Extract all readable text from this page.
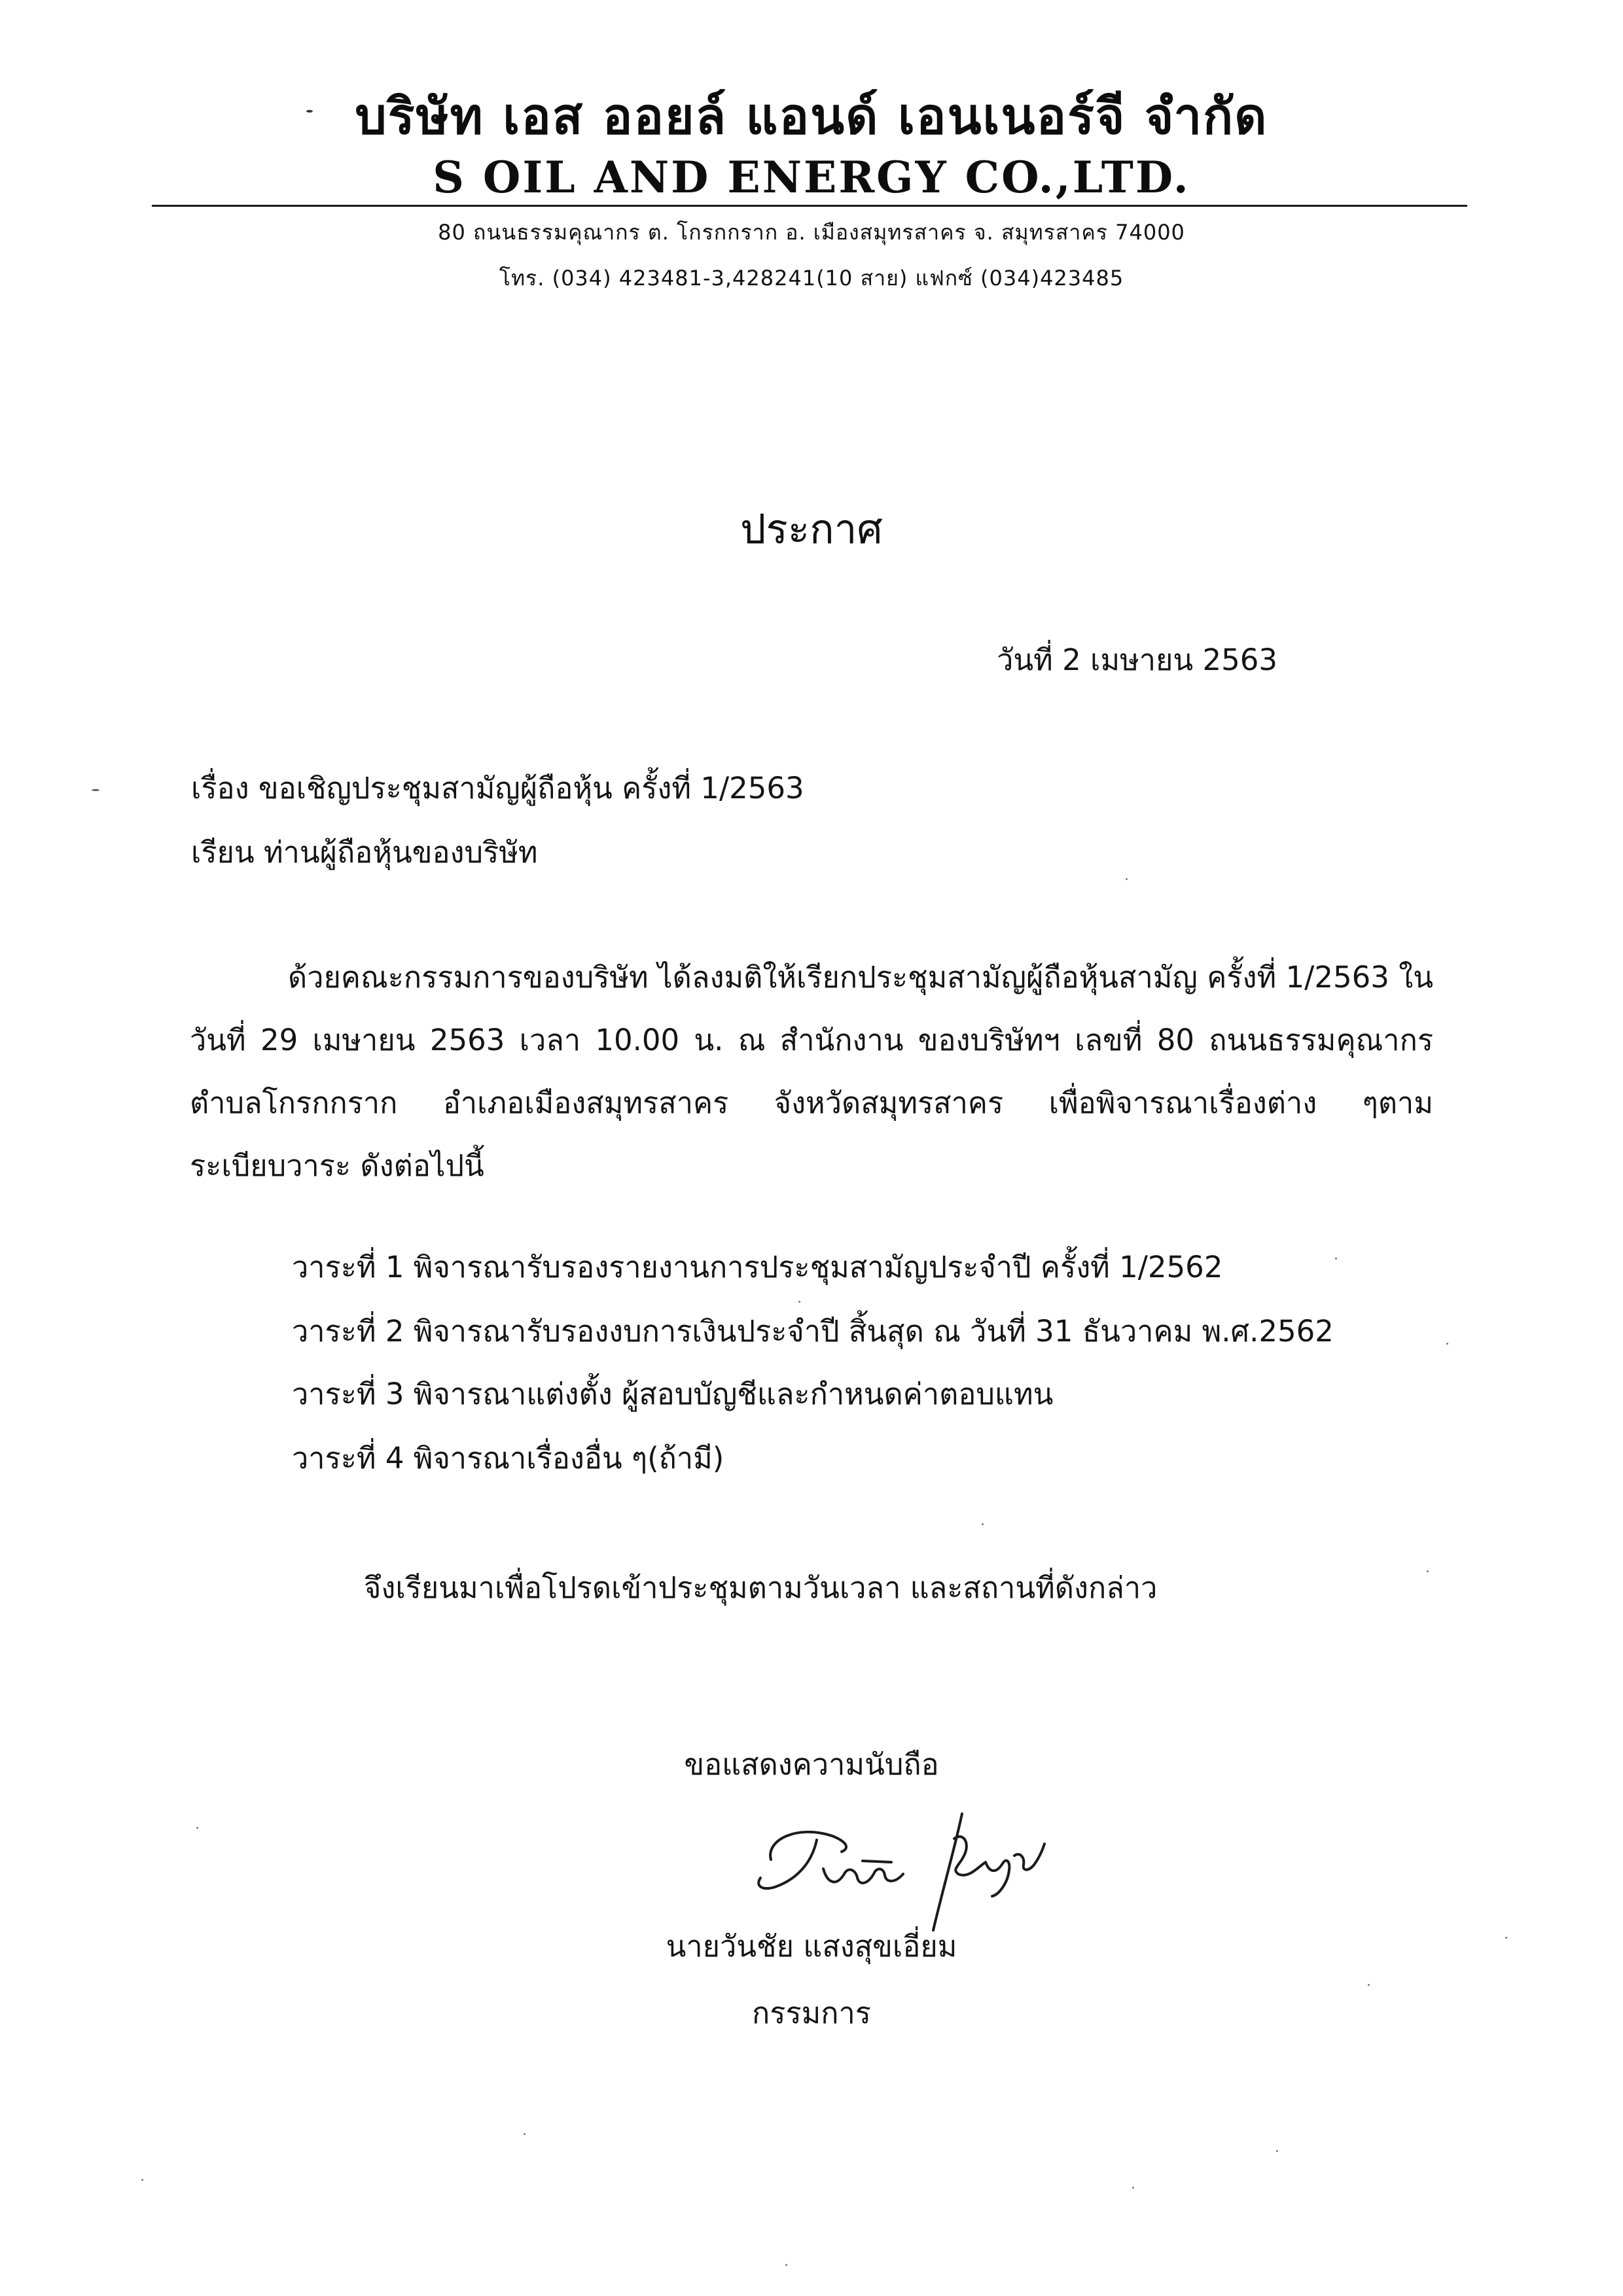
บริษัท เอส ออยล์ แอนด์ เอนเนอร์จี จำกัด
S OIL AND ENERGY CO.,LTD.
80 ถนนธรรมคุณากร ต. โกรกกราก อ. เมืองสมุทรสาคร จ. สมุทรสาคร 74000
โทร. (034) 423481-3,428241(10 สาย) แฟกซ์ (034)423485
ประกาศ
วันที่ 2 เมษายน 2563
เรื่อง ขอเชิญประชุมสามัญผู้ถือหุ้น ครั้งที่ 1/2563
เรียน ท่านผู้ถือหุ้นของบริษัท
ด้วยคณะกรรมการของบริษัท ได้ลงมติให้เรียกประชุมสามัญผู้ถือหุ้นสามัญ ครั้งที่ 1/2563 ในวันที่ 29 เมษายน 2563 เวลา 10.00 น. ณ สำนักงาน ของบริษัทฯ เลขที่ 80 ถนนธรรมคุณากร ตำบลโกรกกราก อำเภอเมืองสมุทรสาคร จังหวัดสมุทรสาคร เพื่อพิจารณาเรื่องต่าง ๆตามระเบียบวาระ ดังต่อไปนี้
วาระที่ 1 พิจารณารับรองรายงานการประชุมสามัญประจำปี ครั้งที่ 1/2562
วาระที่ 2 พิจารณารับรองงบการเงินประจำปี สิ้นสุด ณ วันที่ 31 ธันวาคม พ.ศ.2562
วาระที่ 3 พิจารณาแต่งตั้ง ผู้สอบบัญชีและกำหนดค่าตอบแทน
วาระที่ 4 พิจารณาเรื่องอื่น ๆ(ถ้ามี)
จึงเรียนมาเพื่อโปรดเข้าประชุมตามวันเวลา และสถานที่ดังกล่าว
ขอแสดงความนับถือ
นายวันชัย แสงสุขเอี่ยม
กรรมการ
